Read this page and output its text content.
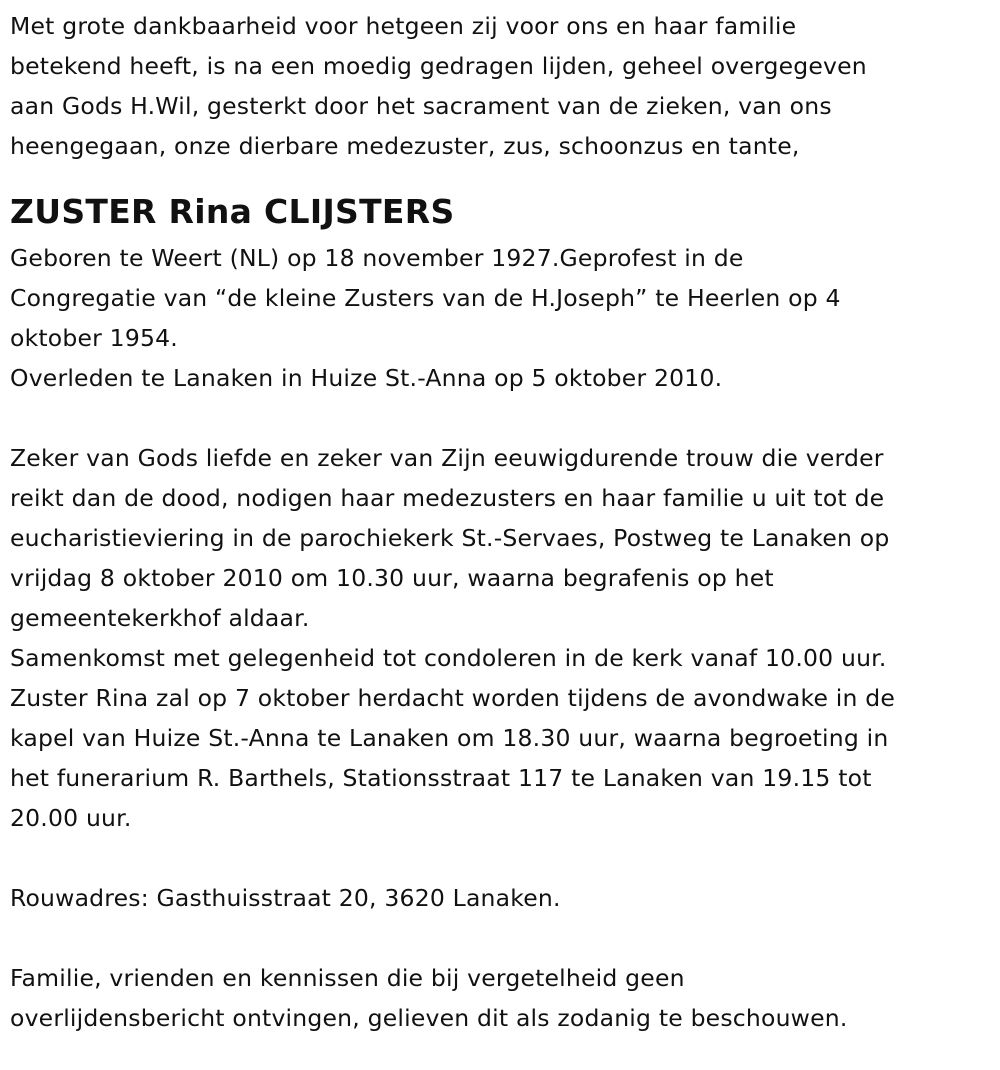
Met grote dankbaarheid voor hetgeen zij voor ons en haar familie
betekend heeft, is na een moedig gedragen lijden, geheel overgegeven
aan Gods H.Wil, gesterkt door het sacrament van de zieken, van ons
heengegaan, onze dierbare medezuster, zus, schoonzus en tante,
ZUSTER Rina CLIJSTERS
Geboren te Weert (NL) op 18 november 1927.Geprofest in de
Congregatie van “de kleine Zusters van de H.Joseph” te Heerlen op 4
oktober 1954.
Overleden te Lanaken in Huize St.-Anna op 5 oktober 2010.
Zeker van Gods liefde en zeker van Zijn eeuwigdurende trouw die verder
reikt dan de dood, nodigen haar medezusters en haar familie u uit tot de
eucharistieviering in de parochiekerk St.-Servaes, Postweg te Lanaken op
vrijdag 8 oktober 2010 om 10.30 uur, waarna begrafenis op het
gemeentekerkhof aldaar.
Samenkomst met gelegenheid tot condoleren in de kerk vanaf 10.00 uur.
Zuster Rina zal op 7 oktober herdacht worden tijdens de avondwake in de
kapel van Huize St.-Anna te Lanaken om 18.30 uur, waarna begroeting in
het funerarium R. Barthels, Stationsstraat 117 te Lanaken van 19.15 tot
20.00 uur.
Rouwadres: Gasthuisstraat 20, 3620 Lanaken.
Familie, vrienden en kennissen die bij vergetelheid geen
overlijdensbericht ontvingen, gelieven dit als zodanig te beschouwen.
